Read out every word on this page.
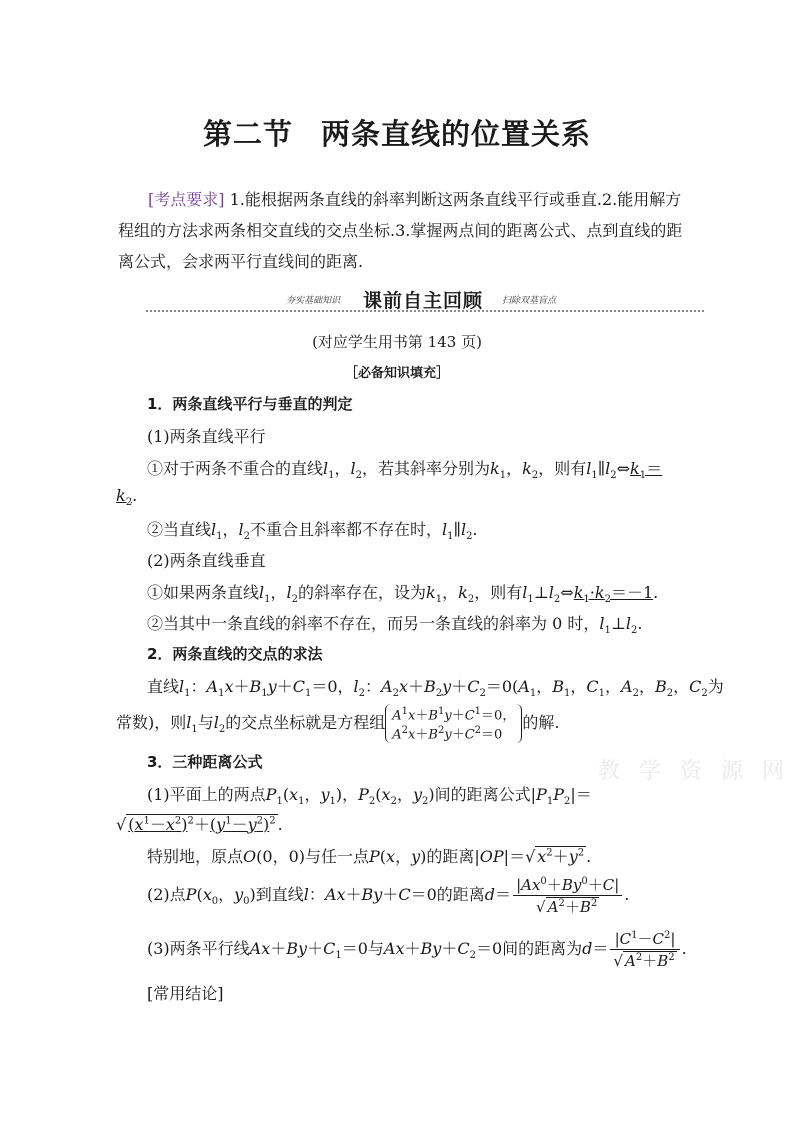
第二节 两条直线的位置关系
[考点要求] 1.能根据两条直线的斜率判断这两条直线平行或垂直.2.能用解方
程组的方法求两条相交直线的交点坐标.3.掌握两点间的距离公式、点到直线的距
离公式，会求两平行直线间的距离.
夯实基础知识 课前自主回顾	扫除双基盲点
(对应学生用书第 143 页)
［必备知识填充］
1．两条直线平行与垂直的判定
(1)两条直线平行
①对于两条不重合的直线$l_1$，$l_2$，若其斜率分别为$k_1$，$k_2$，则有$l_1\parallel l_2\Leftrightarrow k_1=$
$k_2$.
②当直线$l_1$，$l_2$不重合且斜率都不存在时，$l_1\parallel l_2$.
(2)两条直线垂直
①如果两条直线$l_1$，$l_2$的斜率存在，设为$k_1$，$k_2$，则有$l_1\perp l_2\Leftrightarrow k_1\cdot k_2=-1$.
②当其中一条直线的斜率不存在，而另一条直线的斜率为 0 时，$l_1\perp l_2$.
2．两条直线的交点的求法
直线$l_1$：$A_1x+B_1y+C_1=0$，$l_2$：$A_2x+B_2y+C_2=0(A_1$，$B_1$，$C_1$，$A_2$，$B_2$，$C_2$为
常数)，则$l_1$与$l_2$的交点坐标就是方程组 $A^1x+B^1y+C^1=0$，
$A^2x+B^2y+C^2=0$的解.
3．三种距离公式
(1)平面上的两点$P_1(x_1$，$y_1$)，$P_2(x_2$，$y_2$)间的距离公式$|P_1P_2|=$
√ $(x^1-x^2)^2+(y^1-y^2)^2$ .
特别地，原点O(0，0)与任一点P(x，y)的距离|OP|＝√ $x^2+y^2$ .
(2)点$P(x_0$，$y_0$)到直线l：Ax＋By＋C＝0的距离$d= \frac{|Ax^0+By^0+C|}{√ A^2+B^2}$ .
(3)两条平行线$Ax+By+C_1=0$与$Ax+By+C_2=0$间的距离为$d= \frac{|C^1-C^2|}{√ A^2+B^2}$ .
[常用结论]
教 学 资 源 网
